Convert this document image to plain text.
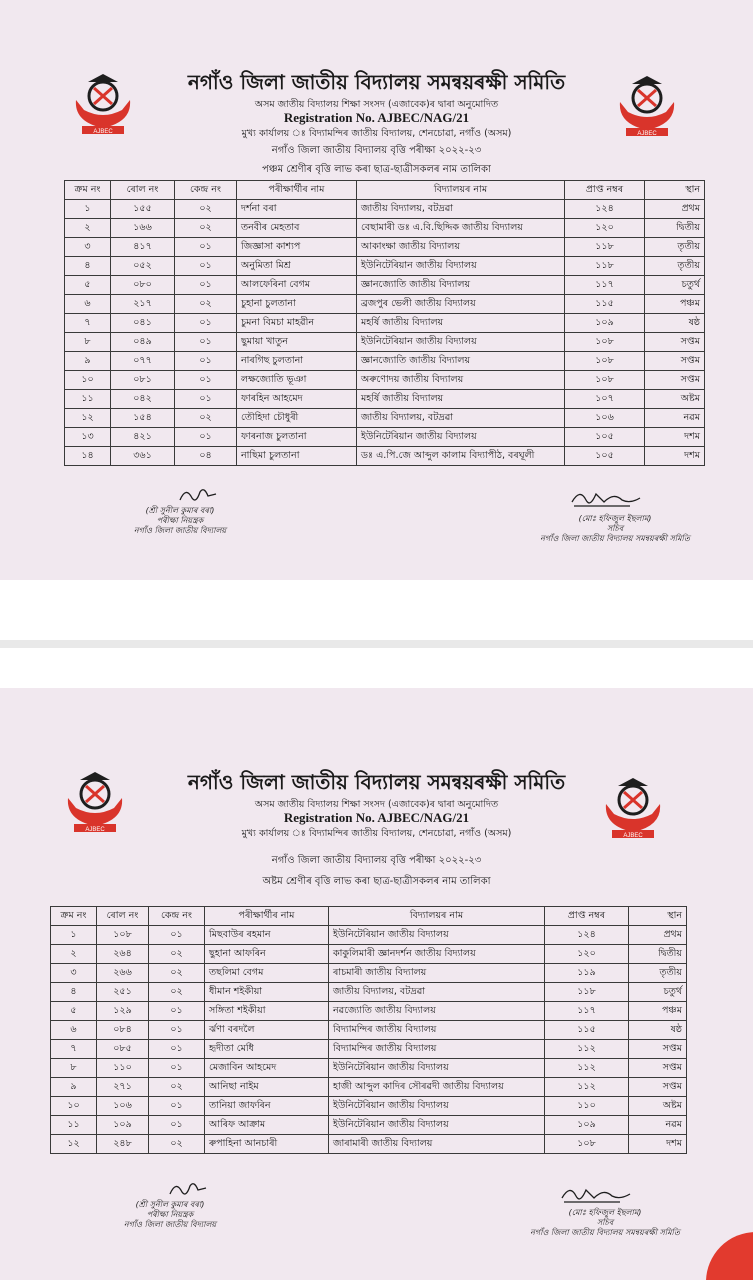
AJBEC	AJBEC
নগাঁও জিলা জাতীয় বিদ্যালয় সমন্বয়ৰক্ষী সমিতি
অসম জাতীয় বিদ্যালয় শিক্ষা সংসদ (এজাবেক)ৰ দ্বাৰা অনুমোদিত
Registration No. AJBEC/NAG/21
মুখ্য কাৰ্যালয় ঃ বিদ্যামন্দিৰ জাতীয় বিদ্যালয়, শেনচোৱা, নগাঁও (অসম)
নগাঁও জিলা জাতীয় বিদ্যালয় বৃত্তি পৰীক্ষা ২০২২-২৩
পঞ্চম শ্ৰেণীৰ বৃত্তি লাভ কৰা ছাত্ৰ-ছাত্ৰীসকলৰ নাম তালিকা
ক্ৰম নং	ৰোল নং	কেন্দ্ৰ নং	পৰীক্ষাৰ্থীৰ নাম	বিদ্যালয়ৰ নাম	প্ৰাপ্ত নম্বৰ	স্থান
১	১৫৫	০২	দৰ্শনা বৰা	জাতীয় বিদ্যালয়, বটদ্ৰৱা	১২৪	প্ৰথম
২	১৬৬	০২	তনবীৰ মেহতাব	বেছামাৰী ডঃ এ.বি.ছিদ্দিক জাতীয় বিদ্যালয়	১২০	দ্বিতীয়
৩	৪১৭	০১	জিজ্ঞাসা কাশ্যপ	আকাংক্ষা জাতীয় বিদ্যালয়	১১৮	তৃতীয়
৪	০৫২	০১	অনুমিতা মিশ্ৰ	ইউনিটেৰিয়ান জাতীয় বিদ্যালয়	১১৮	তৃতীয়
৫	০৮০	০১	আলফেৰিনা বেগম	জ্ঞানজ্যোতি জাতীয় বিদ্যালয়	১১৭	চতুৰ্থ
৬	২১৭	০২	চুহানা চুলতানা	ব্ৰজপুৰ ভেলী জাতীয় বিদ্যালয়	১১৫	পঞ্চম
৭	০৪১	০১	চুমনা বিমচা মাহৱীন	মহৰ্ষি জাতীয় বিদ্যালয়	১০৯	ষষ্ঠ
৮	০৪৯	০১	ছুমায়া খাতুন	ইউনিটেৰিয়ান জাতীয় বিদ্যালয়	১০৮	সপ্তম
৯	০৭৭	০১	নাৰগিছ চুলতানা	জ্ঞানজ্যোতি জাতীয় বিদ্যালয়	১০৮	সপ্তম
১০	০৮১	০১	লক্ষজ্যোতি ভূঞা	অৰুণোদয় জাতীয় বিদ্যালয়	১০৮	সপ্তম
১১	০৪২	০১	ফাৰহিন আহমেদ	মহৰ্ষি জাতীয় বিদ্যালয়	১০৭	অষ্টম
১২	১৫৪	০২	তৌহিদা চৌধুৰী	জাতীয় বিদ্যালয়, বটদ্ৰৱা	১০৬	নৱম
১৩	৪২১	০১	ফাৰনাজ চুলতানা	ইউনিটেৰিয়ান জাতীয় বিদ্যালয়	১০৫	দশম
১৪	৩৬১	০৪	নাছিমা চুলতানা	ডঃ এ.পি.জে আব্দুল কালাম বিদ্যাপীঠ, বৰঘূলী	১০৫	দশম
(শ্ৰী সুনীল কুমাৰ বৰা)
পৰীক্ষা নিয়ন্ত্ৰক
নগাঁও জিলা জাতীয় বিদ্যালয়
(মোঃ হফিজুল ইছলাম)
সচিব
নগাঁও জিলা জাতীয় বিদ্যালয় সমন্বয়ৰক্ষী সমিতি
AJBEC
AJBEC
নগাঁও জিলা জাতীয় বিদ্যালয় সমন্বয়ৰক্ষী সমিতি
অসম জাতীয় বিদ্যালয় শিক্ষা সংসদ (এজাবেক)ৰ দ্বাৰা অনুমোদিত
Registration No. AJBEC/NAG/21
মুখ্য কাৰ্যালয় ঃ বিদ্যামন্দিৰ জাতীয় বিদ্যালয়, শেনচোৱা, নগাঁও (অসম)
নগাঁও জিলা জাতীয় বিদ্যালয় বৃত্তি পৰীক্ষা ২০২২-২৩
অষ্টম শ্ৰেণীৰ বৃত্তি লাভ কৰা ছাত্ৰ-ছাত্ৰীসকলৰ নাম তালিকা
ক্ৰম নং	ৰোল নং	কেন্দ্ৰ নং	পৰীক্ষাৰ্থীৰ নাম	বিদ্যালয়ৰ নাম	প্ৰাপ্ত নম্বৰ	স্থান
১	১০৮	০১	মিছবাউৰ ৰহমান	ইউনিটেৰিয়ান জাতীয় বিদ্যালয়	১২৪	প্ৰথম
২	২৬৪	০২	ছুহানা আফৰিন	কাকুলিমাৰী জ্ঞানদৰ্শন জাতীয় বিদ্যালয়	১২০	দ্বিতীয়
৩	২৬৬	০২	তছলিমা বেগম	ৰাচমাৰী জাতীয় বিদ্যালয়	১১৯	তৃতীয়
৪	২৫১	০২	ধীমান শইকীয়া	জাতীয় বিদ্যালয়, বটদ্ৰৱা	১১৮	চতুৰ্থ
৫	১২৯	০১	সঙ্গিতা শইকীয়া	নৱজ্যোতি জাতীয় বিদ্যালয়	১১৭	পঞ্চম
৬	০৮৪	০১	ৰ্ঝণা বৰদলৈ	বিদ্যামন্দিৰ জাতীয় বিদ্যালয়	১১৫	ষষ্ঠ
৭	০৮৫	০১	হৃদীতা মেধি	বিদ্যামন্দিৰ জাতীয় বিদ্যালয়	১১২	সপ্তম
৮	১১০	০১	মেজাবিন আহমেদ	ইউনিটেৰিয়ান জাতীয় বিদ্যালয়	১১২	সপ্তম
৯	২৭১	০২	আনিছা নাইম	হাজী আব্দুল কাদিৰ সৌৰৱদী জাতীয় বিদ্যালয়	১১২	সপ্তম
১০	১০৬	০১	তানিয়া জাফৰিন	ইউনিটেৰিয়ান জাতীয় বিদ্যালয়	১১০	অষ্টম
১১	১০৯	০১	আৰিফ আক্ৰাম	ইউনিটেৰিয়ান জাতীয় বিদ্যালয়	১০৯	নৱম
১২	২৪৮	০২	ৰুপাহিনা আনচাৰী	জাৰামাৰী জাতীয় বিদ্যালয়	১০৮	দশম
(শ্ৰী সুনীল কুমাৰ বৰা)
পৰীক্ষা নিয়ন্ত্ৰক
নগাঁও জিলা জাতীয় বিদ্যালয়
(মোঃ হফিজুল ইছলাম)
সচিব
নগাঁও জিলা জাতীয় বিদ্যালয় সমন্বয়ৰক্ষী সমিতি
